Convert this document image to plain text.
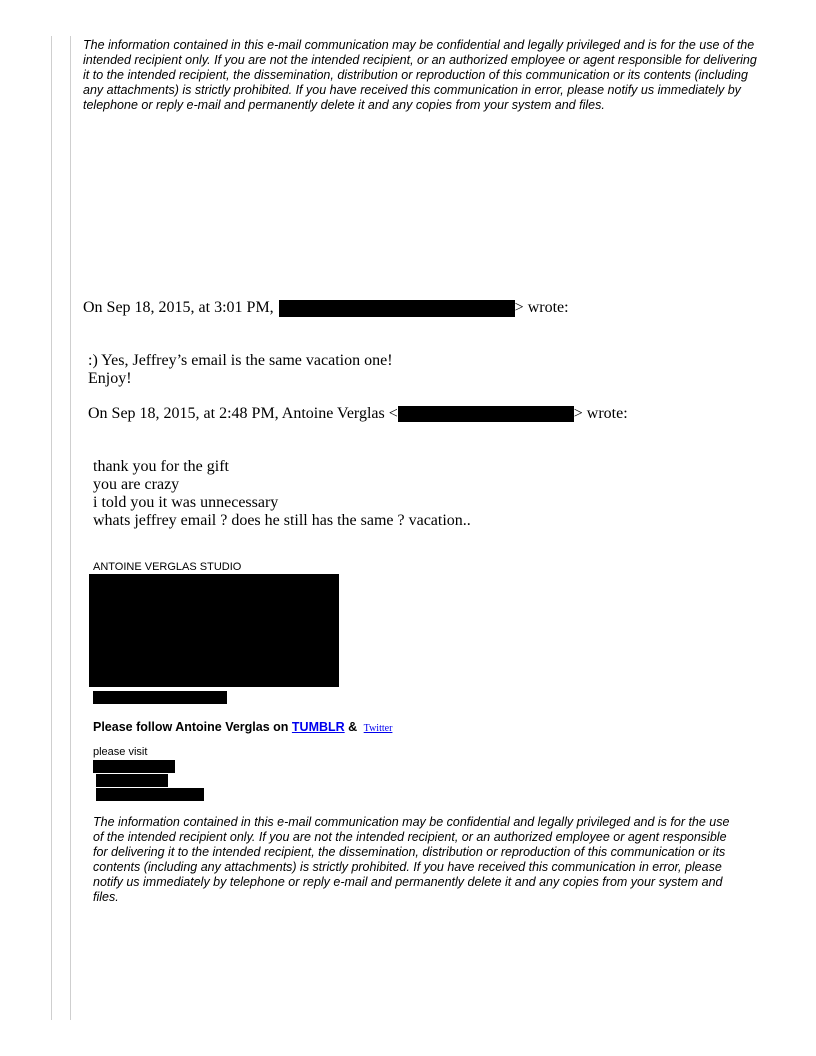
The information contained in this e-mail communication may be confidential and legally privileged and is for the use of the intended recipient only. If you are not the intended recipient, or an authorized employee or agent responsible for delivering it to the intended recipient, the dissemination, distribution or reproduction of this communication or its contents (including any attachments) is strictly prohibited. If you have received this communication in error, please notify us immediately by telephone or reply e-mail and permanently delete it and any copies from your system and files.
On Sep 18, 2015, at 3:01 PM,	> wrote:
:) Yes, Jeffrey’s email is the same vacation one!
Enjoy!
On Sep 18, 2015, at 2:48 PM, Antoine Verglas <	> wrote:
thank you for the gift
you are crazy
i told you it was unnecessary
whats jeffrey email ? does he still has the same ? vacation..
ANTOINE VERGLAS STUDIO
Please follow Antoine Verglas on TUMBLR & Twitter
please visit
The information contained in this e-mail communication may be confidential and legally privileged and is for the use of the intended recipient only. If you are not the intended recipient, or an authorized employee or agent responsible for delivering it to the intended recipient, the dissemination, distribution or reproduction of this communication or its contents (including any attachments) is strictly prohibited. If you have received this communication in error, please notify us immediately by telephone or reply e-mail and permanently delete it and any copies from your system and files.
